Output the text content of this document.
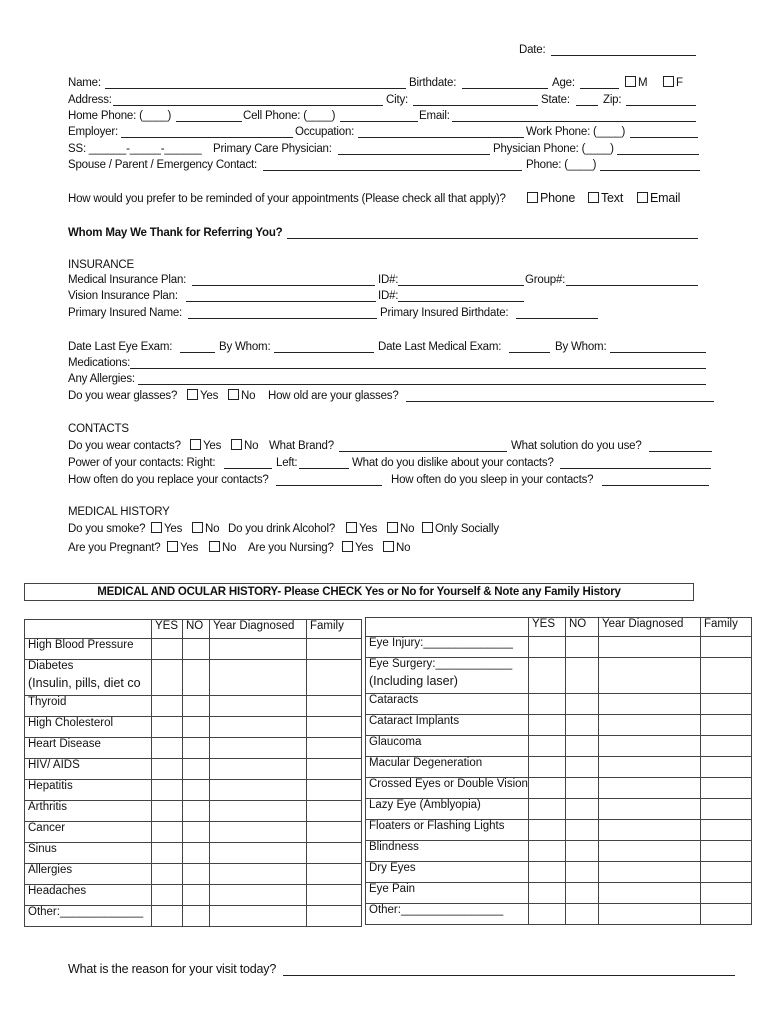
Date:
Name:	Birthdate:	Age:	M	F
Address:	City:	State:	Zip:
Home Phone: (____)	Cell Phone: (____)	Email:
Employer:	Occupation:	Work Phone: (____)
SS: ______-_____-______ Primary Care Physician:	Physician Phone: (____)
Spouse / Parent / Emergency Contact:	Phone: (____)
How would you prefer to be reminded of your appointments (Please check all that apply)?	Phone	Text	Email
Whom May We Thank for Referring You?
INSURANCE
Medical Insurance Plan:	ID#:	Group#:
Vision Insurance Plan:	ID#:
Primary Insured Name:	Primary Insured Birthdate:
Date Last Eye Exam:	By Whom:	Date Last Medical Exam:	By Whom:
Medications:
Any Allergies:
Do you wear glasses?	Yes	No How old are your glasses?
CONTACTS
Do you wear contacts?	Yes	No What Brand?	What solution do you use?
Power of your contacts: Right:	Left:	What do you dislike about your contacts?
How often do you replace your contacts?	How often do you sleep in your contacts?
MEDICAL HISTORY
Do you smoke?	Yes	No Do you drink Alcohol?	Yes	No	Only Socially
Are you Pregnant?	Yes	No Are you Nursing?	Yes	No
MEDICAL AND OCULAR HISTORY- Please CHECK Yes or No for Yourself & Note any Family History
	YES	NO	Year Diagnosed	Family
High Blood Pressure				
Diabetes
(Insulin, pills, diet co				

Thyroid				
High Cholesterol				
Heart Disease				
HIV/ AIDS				
Hepatitis				
Arthritis				
Cancer				
Sinus				
Allergies				
Headaches				
Other:_____________				
	YES	NO	Year Diagnosed	Family
Eye Injury:______________				
Eye Surgery:____________
(Including laser)				

Cataracts				
Cataract Implants				
Glaucoma				
Macular Degeneration				
Crossed Eyes or Double Vision				
Lazy Eye (Amblyopia)				
Floaters or Flashing Lights				
Blindness				
Dry Eyes				
Eye Pain				
Other:________________				
What is the reason for your visit today?
